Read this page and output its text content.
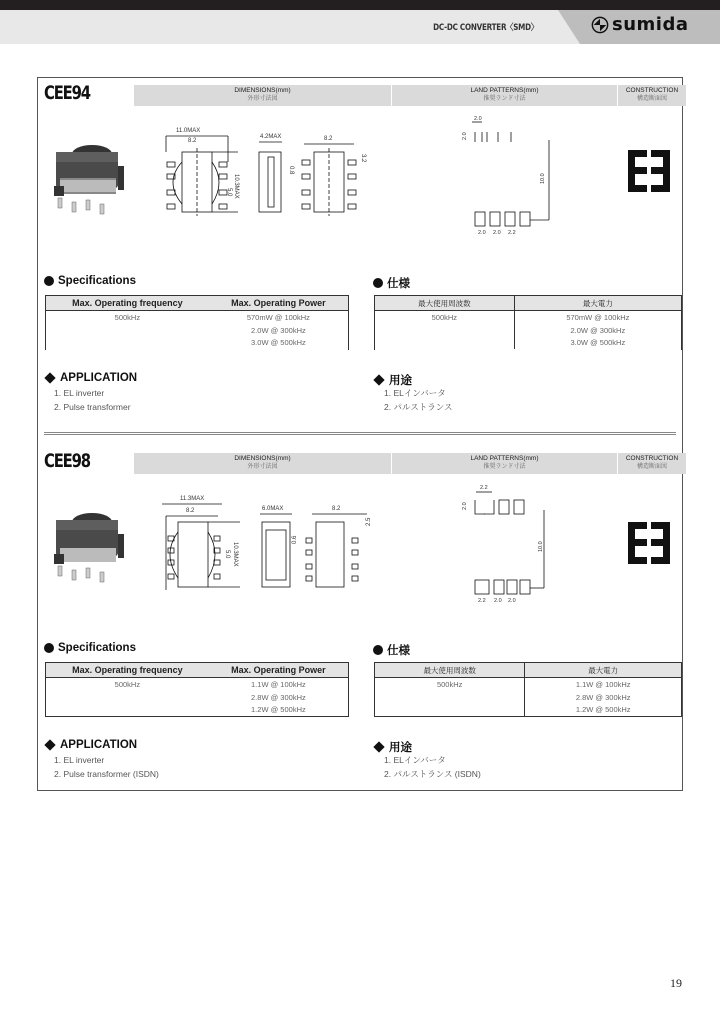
DC-DC CONVERTER〈SMD〉	sumida
CEE94	DIMENSIONS(mm)
外形寸法図
LAND PATTERNS(mm)
推奨ランド寸法
CONSTRUCTION
構造断面図
11.0MAX
8.2
4.2MAX	8.2
5.0 10.3MAX
0.8
3.2
2.0
2.0
10.0
2.0 2.0 2.2
Specifications	仕様
Max. Operating frequency	Max. Operating Power
500kHz	570mW @ 100kHz
	2.0W @ 300kHz
	3.0W @ 500kHz
最大使用周波数	最大電力
500kHz	570mW @ 100kHz
	2.0W @ 300kHz
	3.0W @ 500kHz
APPLICATION
1. EL inverter
2. Pulse transformer
用途
1. ELインバータ
2. パルストランス
CEE98	DIMENSIONS(mm)
外形寸法図
LAND PATTERNS(mm)
推奨ランド寸法
CONSTRUCTION
構造断面図
11.3MAX
8.2	6.0MAX	8.2
5.0 10.3MAX
0.6
2.5
2.2
2.0
10.0
2.2 2.0 2.0
Specifications	仕様
Max. Operating frequency	Max. Operating Power
500kHz	1.1W @ 100kHz
	2.8W @ 300kHz
	1.2W @ 500kHz
最大使用周波数	最大電力
500kHz	1.1W @ 100kHz
	2.8W @ 300kHz
	1.2W @ 500kHz
APPLICATION
1. EL inverter
2. Pulse transformer (ISDN)
用途
1. ELインバータ
2. パルストランス (ISDN)
19
